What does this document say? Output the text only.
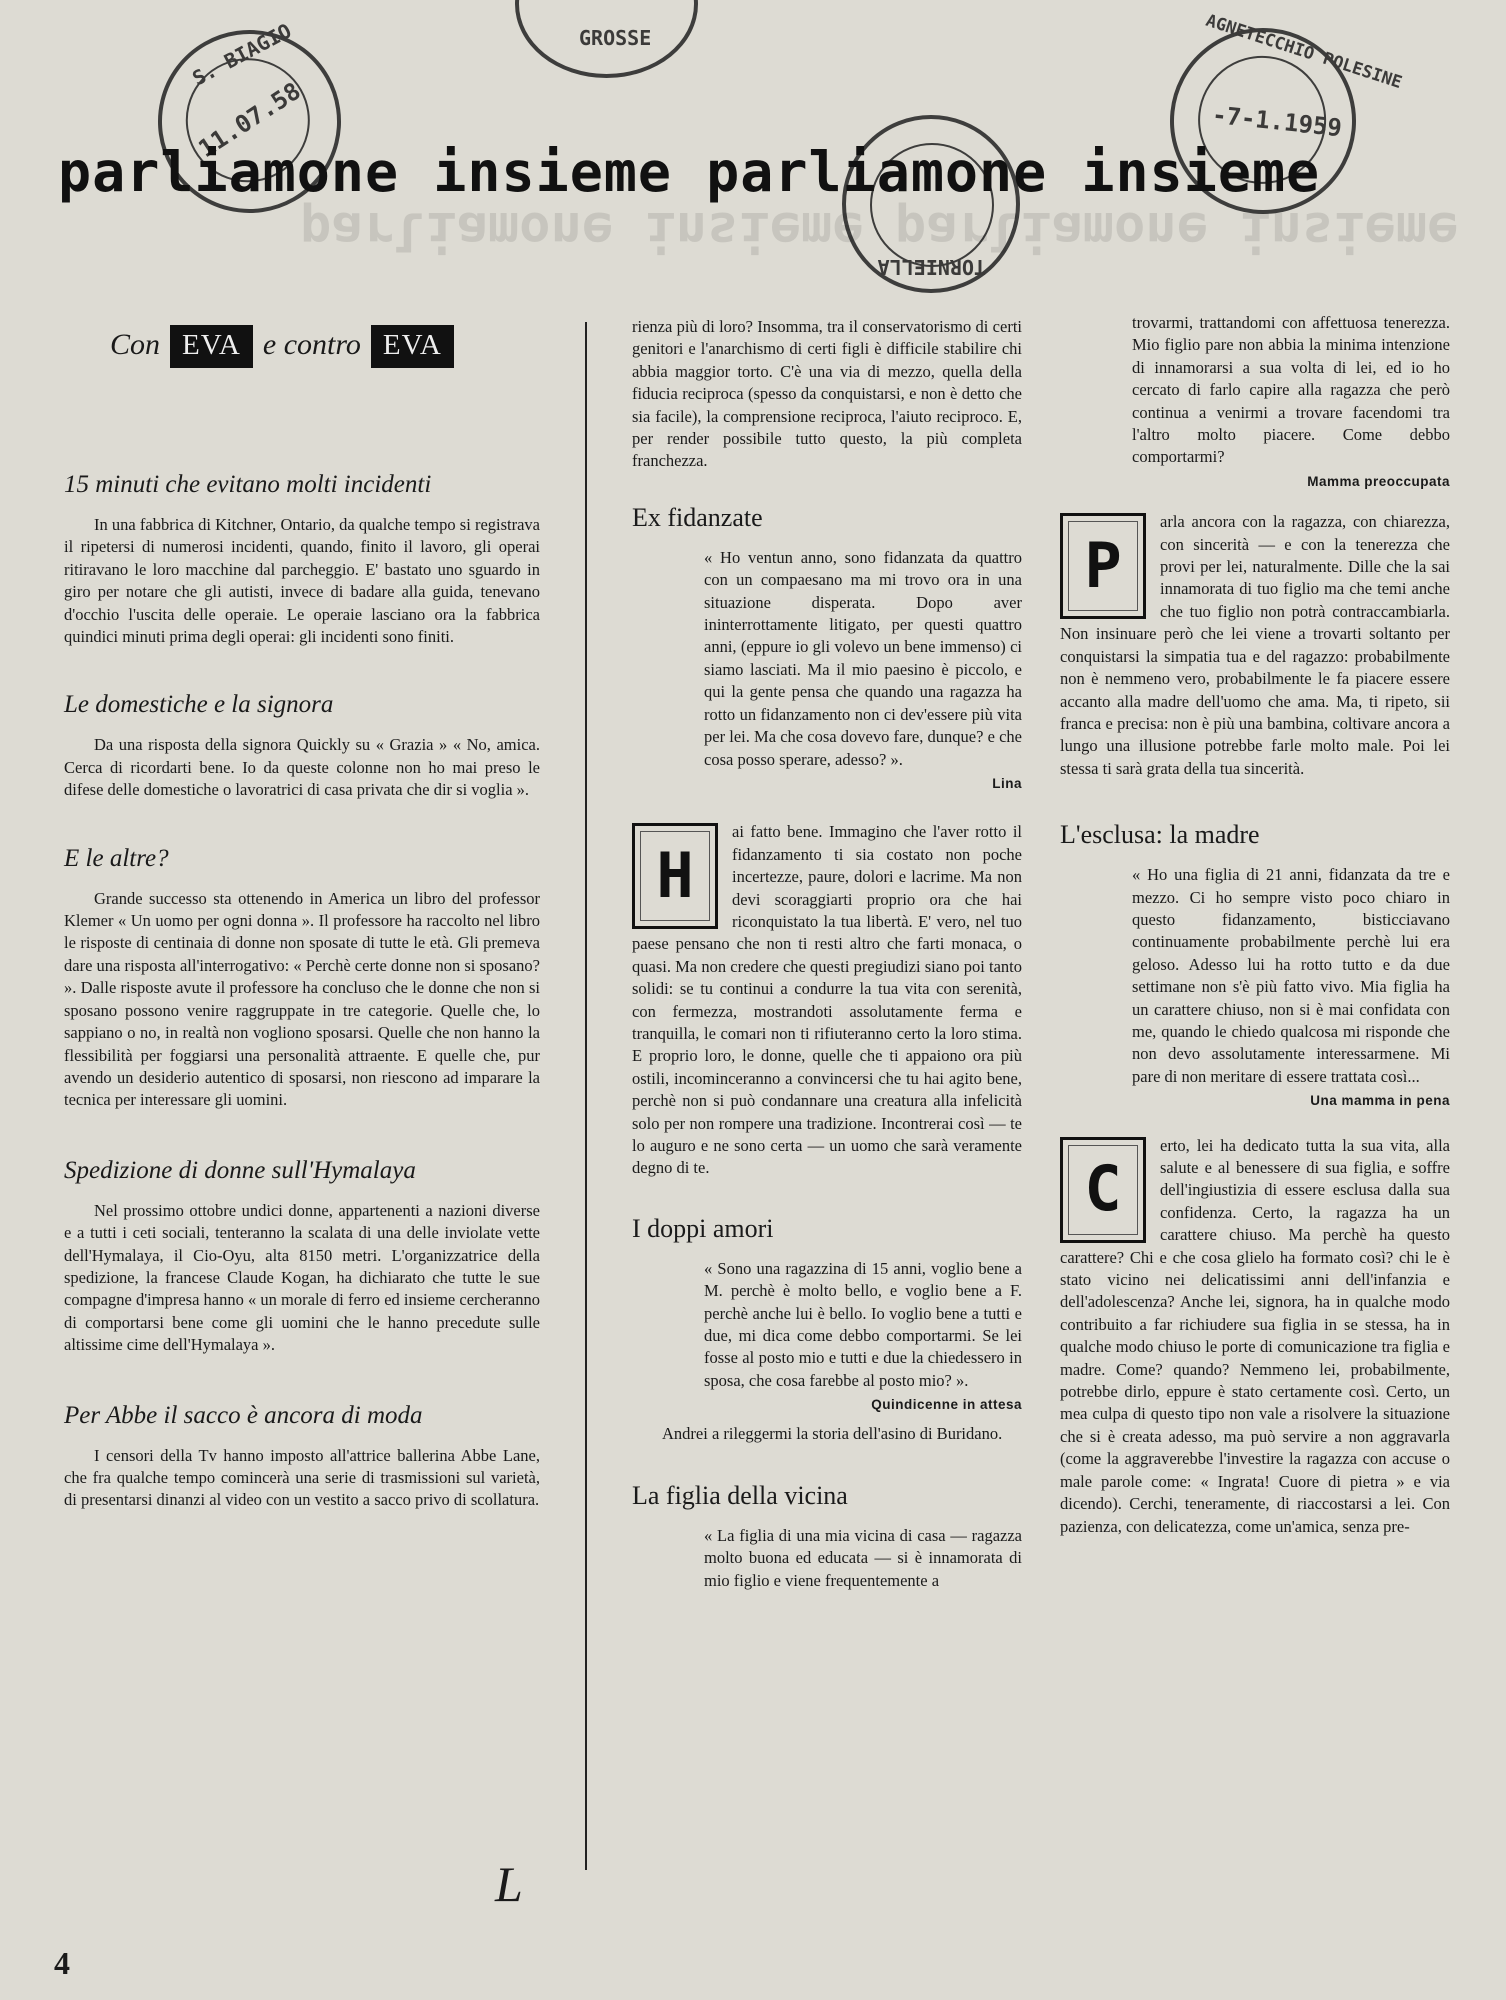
S. BIAGIO
11.07.58
GROSSE
TORNIELLA
AGNETECCHIO POLESINE
-7-1.1959
parliamone insieme parliamone insieme
parliamone insieme parliamone insieme
Con EVA e contro EVA
15 minuti che evitano molti incidenti

In una fabbrica di Kitchner, Ontario, da qualche tempo si registrava il ripetersi di numerosi incidenti, quando, finito il lavoro, gli operai ritiravano le loro macchine dal parcheggio. E' bastato uno sguardo in giro per notare che gli autisti, invece di badare alla guida, tenevano d'occhio l'uscita delle operaie. Le operaie lasciano ora la fabbrica quindici minuti prima degli operai: gli incidenti sono finiti.

Le domestiche e la signora

Da una risposta della signora Quickly su « Grazia » « No, amica. Cerca di ricordarti bene. Io da queste colonne non ho mai preso le difese delle domestiche o lavoratrici di casa privata che dir si voglia ».

E le altre?

Grande successo sta ottenendo in America un libro del professor Klemer « Un uomo per ogni donna ». Il professore ha raccolto nel libro le risposte di centinaia di donne non sposate di tutte le età. Gli premeva dare una risposta all'interrogativo: « Perchè certe donne non si sposano? ». Dalle risposte avute il professore ha concluso che le donne che non si sposano possono venire raggruppate in tre categorie. Quelle che, lo sappiano o no, in realtà non vogliono sposarsi. Quelle che non hanno la flessibilità per foggiarsi una personalità attraente. E quelle che, pur avendo un desiderio autentico di sposarsi, non riescono ad imparare la tecnica per interessare gli uomini.

Spedizione di donne sull'Hymalaya

Nel prossimo ottobre undici donne, appartenenti a nazioni diverse e a tutti i ceti sociali, tenteranno la scalata di una delle inviolate vette dell'Hymalaya, il Cio-Oyu, alta 8150 metri. L'organizzatrice della spedizione, la francese Claude Kogan, ha dichiarato che tutte le sue compagne d'impresa hanno « un morale di ferro ed insieme cercheranno di comportarsi bene come gli uomini che le hanno precedute sulle altissime cime dell'Hymalaya ».

Per Abbe il sacco è ancora di moda

I censori della Tv hanno imposto all'attrice ballerina Abbe Lane, che fra qualche tempo comincerà una serie di trasmissioni sul varietà, di presentarsi dinanzi al video con un vestito a sacco privo di scollatura.

rienza più di loro? Insomma, tra il conservatorismo di certi genitori e l'anarchismo di certi figli è difficile stabilire chi abbia maggior torto. C'è una via di mezzo, quella della fiducia reciproca (spesso da conquistarsi, e non è detto che sia facile), la comprensione reciproca, l'aiuto reciproco. E, per render possibile tutto questo, la più completa franchezza.

Ex fidanzate

« Ho ventun anno, sono fidanzata da quattro con un compaesano ma mi trovo ora in una situazione disperata. Dopo aver ininterrottamente litigato, per questi quattro anni, (eppure io gli volevo un bene immenso) ci siamo lasciati. Ma il mio paesino è piccolo, e qui la gente pensa che quando una ragazza ha rotto un fidanzamento non ci dev'essere più vita per lei. Ma che cosa dovevo fare, dunque? e che cosa posso sperare, adesso? ».

Lina
H

ai fatto bene. Immagino che l'aver rotto il fidanzamento ti sia costato non poche incertezze, paure, dolori e lacrime. Ma non devi scoraggiarti proprio ora che hai riconquistato la tua libertà. E' vero, nel tuo paese pensano che non ti resti altro che farti monaca, o quasi. Ma non credere che questi pregiudizi siano poi tanto solidi: se tu continui a condurre la tua vita con serenità, con fermezza, mostrandoti assolutamente ferma e tranquilla, le comari non ti rifiuteranno certo la loro stima. E proprio loro, le donne, quelle che ti appaiono ora più ostili, incominceranno a convincersi che tu hai agito bene, perchè non si può condannare una creatura alla infelicità solo per non rompere una tradizione. Incontrerai così — te lo auguro e ne sono certa — un uomo che sarà veramente degno di te.

I doppi amori

« Sono una ragazzina di 15 anni, voglio bene a M. perchè è molto bello, e voglio bene a F. perchè anche lui è bello. Io voglio bene a tutti e due, mi dica come debbo comportarmi. Se lei fosse al posto mio e tutti e due la chiedessero in sposa, che cosa farebbe al posto mio? ».

Quindicenne in attesa

Andrei a rileggermi la storia dell'asino di Buridano.

La figlia della vicina

« La figlia di una mia vicina di casa — ragazza molto buona ed educata — si è innamorata di mio figlio e viene frequentemente a

trovarmi, trattandomi con affettuosa tenerezza. Mio figlio pare non abbia la minima intenzione di innamorarsi a sua volta di lei, ed io ho cercato di farlo capire alla ragazza che però continua a venirmi a trovare facendomi tra l'altro molto piacere. Come debbo comportarmi?

Mamma preoccupata
P

arla ancora con la ragazza, con chiarezza, con sincerità — e con la tenerezza che provi per lei, naturalmente. Dille che la sai innamorata di tuo figlio ma che temi anche che tuo figlio non potrà contraccambiarla. Non insinuare però che lei viene a trovarti soltanto per conquistarsi la simpatia tua e del ragazzo: probabilmente non è nemmeno vero, probabilmente le fa piacere essere accanto alla madre dell'uomo che ama. Ma, ti ripeto, sii franca e precisa: non è più una bambina, coltivare ancora a lungo una illusione potrebbe farle molto male. Poi lei stessa ti sarà grata della tua sincerità.

L'esclusa: la madre

« Ho una figlia di 21 anni, fidanzata da tre e mezzo. Ci ho sempre visto poco chiaro in questo fidanzamento, bisticciavano continuamente probabilmente perchè lui era geloso. Adesso lui ha rotto tutto e da due settimane non s'è più fatto vivo. Mia figlia ha un carattere chiuso, non si è mai confidata con me, quando le chiedo qualcosa mi risponde che non devo assolutamente interessarmene. Mi pare di non meritare di essere trattata così...

Una mamma in pena
C

erto, lei ha dedicato tutta la sua vita, alla salute e al benessere di sua figlia, e soffre dell'ingiustizia di essere esclusa dalla sua confidenza. Certo, la ragazza ha un carattere chiuso. Ma perchè ha questo carattere? Chi e che cosa glielo ha formato così? chi le è stato vicino nei delicatissimi anni dell'infanzia e dell'adolescenza? Anche lei, signora, ha in qualche modo contribuito a far richiudere sua figlia in se stessa, ha in qualche modo chiuso le porte di comunicazione tra figlia e madre. Come? quando? Nemmeno lei, probabilmente, potrebbe dirlo, eppure è stato certamente così. Certo, un mea culpa di questo tipo non vale a risolvere la situazione che si è creata adesso, ma può servire a non aggravarla (come la aggraverebbe l'investire la ragazza con accuse o male parole come: « Ingrata! Cuore di pietra » e via dicendo). Cerchi, teneramente, di riaccostarsi a lei. Con pazienza, con delicatezza, come un'amica, senza pre-

L
4
